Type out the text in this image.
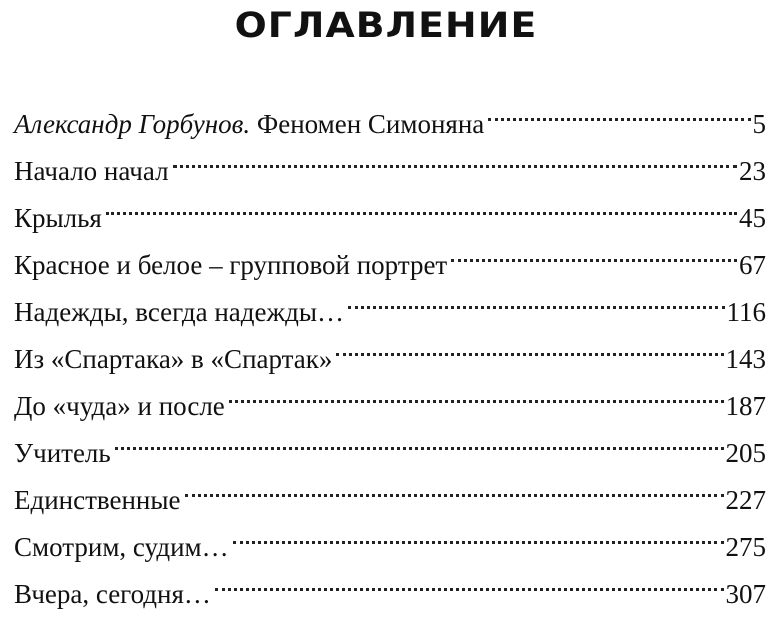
ОГЛАВЛЕНИЕ
Александр Горбунов. Феномен Симоняна	5
Начало начал	23
Крылья	45
Красное и белое – групповой портрет	67
Надежды, всегда надежды…	116
Из «Спартака» в «Спартак»	143
До «чуда» и после	187
Учитель	205
Единственные	227
Смотрим, судим…	275
Вчера, сегодня…	307
